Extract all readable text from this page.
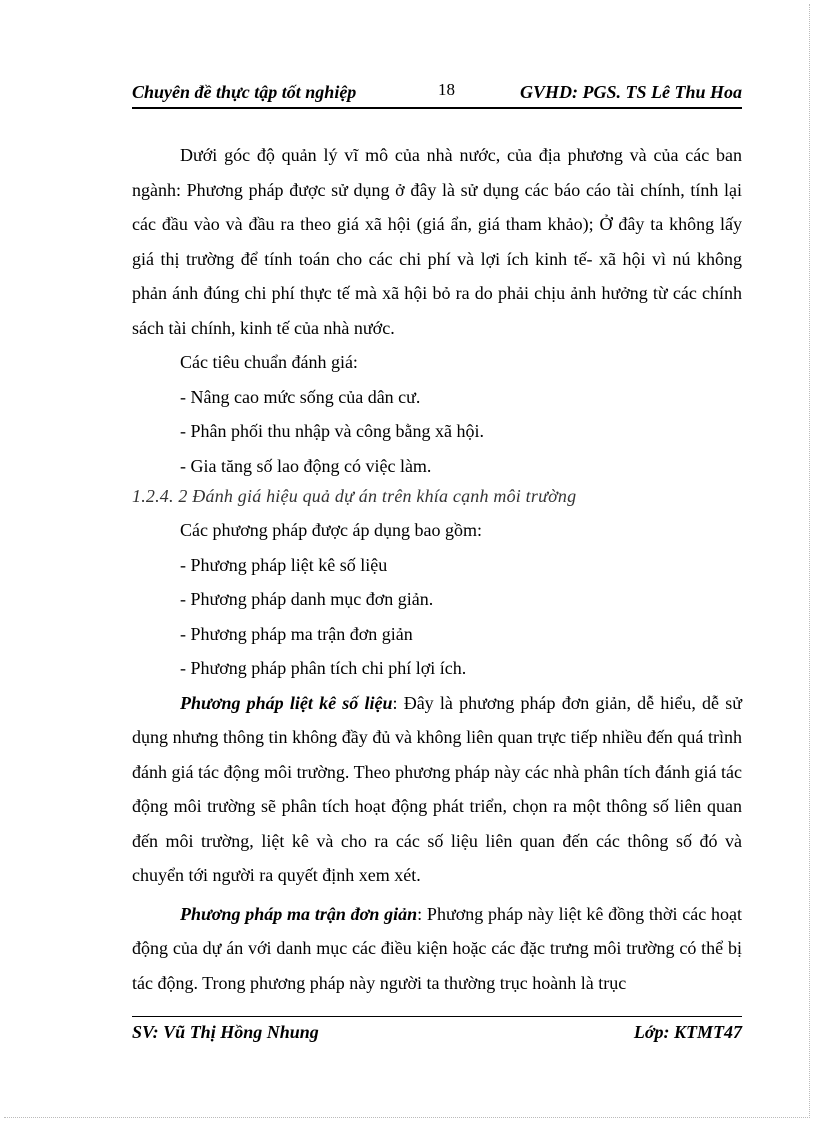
Chuyên đề thực tập tốt nghiệp	18	GVHD: PGS. TS Lê Thu Hoa

Dưới góc độ quản lý vĩ mô của nhà nước, của địa phương và của các ban ngành: Phương pháp được sử dụng ở đây là sử dụng các báo cáo tài chính, tính lại các đầu vào và đầu ra theo giá xã hội (giá ẩn, giá tham khảo); Ở đây ta không lấy giá thị trường để tính toán cho các chi phí và lợi ích kinh tế- xã hội vì nú không phản ánh đúng chi phí thực tế mà xã hội bỏ ra do phải chịu ảnh hưởng từ các chính sách tài chính, kinh tế của nhà nước.

Các tiêu chuẩn đánh giá:

- Nâng cao mức sống của dân cư.

- Phân phối thu nhập và công bằng xã hội.

- Gia tăng số lao động có việc làm.

1.2.4. 2 Đánh giá hiệu quả dự án trên khía cạnh môi trường

Các phương pháp được áp dụng bao gồm:

- Phương pháp liệt kê số liệu

- Phương pháp danh mục đơn giản.

- Phương pháp ma trận đơn giản

- Phương pháp phân tích chi phí lợi ích.

Phương pháp liệt kê số liệu: Đây là phương pháp đơn giản, dễ hiểu, dễ sử dụng nhưng thông tin không đầy đủ và không liên quan trực tiếp nhiều đến quá trình đánh giá tác động môi trường. Theo phương pháp này các nhà phân tích đánh giá tác động môi trường sẽ phân tích hoạt động phát triển, chọn ra một thông số liên quan đến môi trường, liệt kê và cho ra các số liệu liên quan đến các thông số đó và chuyển tới người ra quyết định xem xét.

Phương pháp ma trận đơn giản: Phương pháp này liệt kê đồng thời các hoạt động của dự án với danh mục các điều kiện hoặc các đặc trưng môi trường có thể bị tác động. Trong phương pháp này người ta thường trục hoành là trục

SV: Vũ Thị Hồng Nhung	Lớp: KTMT47
